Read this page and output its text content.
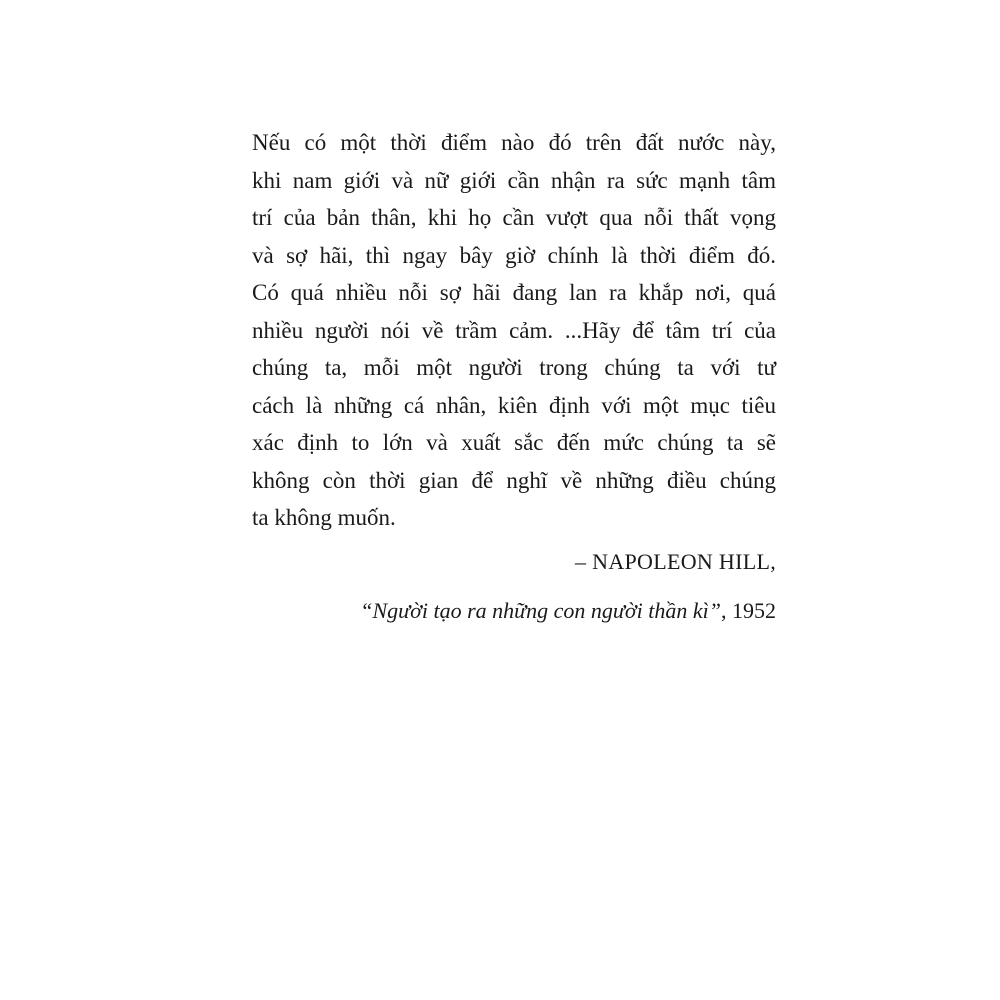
Nếu có một thời điểm nào đó trên đất nước này,
khi nam giới và nữ giới cần nhận ra sức mạnh tâm
trí của bản thân, khi họ cần vượt qua nỗi thất vọng
và sợ hãi, thì ngay bây giờ chính là thời điểm đó.
Có quá nhiều nỗi sợ hãi đang lan ra khắp nơi, quá
nhiều người nói về trầm cảm. ...Hãy để tâm trí của
chúng ta, mỗi một người trong chúng ta với tư
cách là những cá nhân, kiên định với một mục tiêu
xác định to lớn và xuất sắc đến mức chúng ta sẽ
không còn thời gian để nghĩ về những điều chúng
ta không muốn.
– NAPOLEON HILL,
“Người tạo ra những con người thần kì”, 1952
